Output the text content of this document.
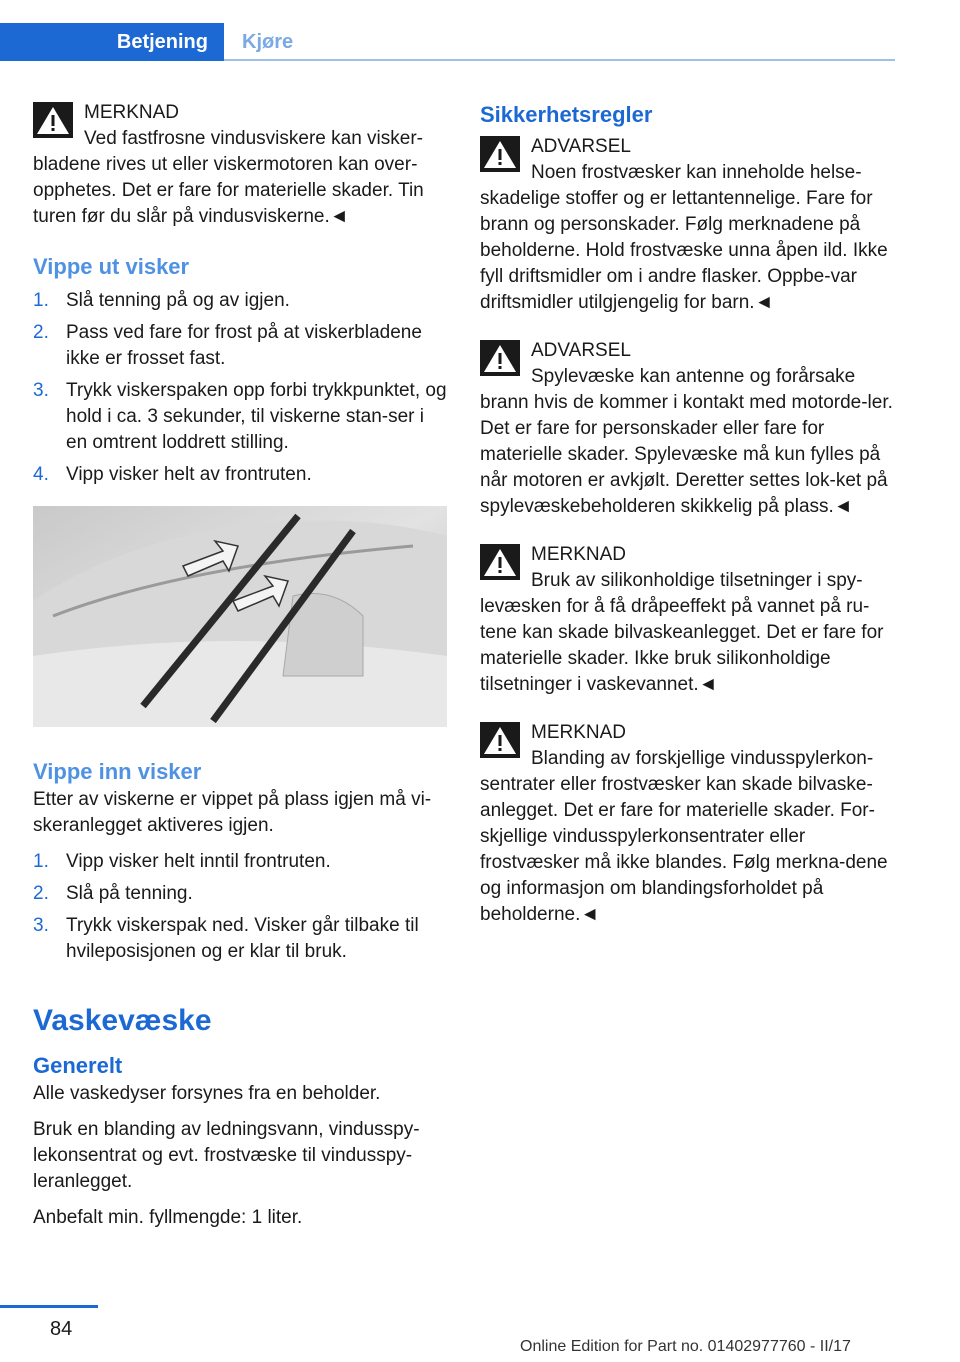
Betjening Kjøre
MERKNAD
Ved fastfrosne vindusviskere kan visker-
bladene rives ut eller viskermotoren kan over-opphetes. Det er fare for materielle skader. Tin turen før du slår på vindusviskerne.◄
Vippe ut visker
1. Slå tenning på og av igjen.
2. Pass ved fare for frost på at viskerbladene ikke er frosset fast.
3. Trykk viskerspaken opp forbi trykkpunktet, og hold i ca. 3 sekunder, til viskerne stan-ser i en omtrent loddrett stilling.
4. Vipp visker helt av frontruten.
Vippe inn visker

Etter av viskerne er vippet på plass igjen må vi-skeranlegget aktiveres igjen.

1. Vipp visker helt inntil frontruten.
2. Slå på tenning.
3. Trykk viskerspak ned. Visker går tilbake til hvileposisjonen og er klar til bruk.
Vaskevæske
Generelt

Alle vaskedyser forsynes fra en beholder.

Bruk en blanding av ledningsvann, vindusspy-lekonsentrat og evt. frostvæske til vindusspy-leranlegget.

Anbefalt min. fyllmengde: 1 liter.

Sikkerhetsregler
ADVARSEL
Noen frostvæsker kan inneholde helse-
skadelige stoffer og er lettantennelige. Fare for brann og personskader. Følg merknadene på beholderne. Hold frostvæske unna åpen ild. Ikke fyll driftsmidler om i andre flasker. Oppbe-var driftsmidler utilgjengelig for barn.◄
ADVARSEL
Spylevæske kan antenne og forårsake
brann hvis de kommer i kontakt med motorde-ler. Det er fare for personskader eller fare for materielle skader. Spylevæske må kun fylles på når motoren er avkjølt. Deretter settes lok-ket på spylevæskebeholderen skikkelig på plass.◄
MERKNAD
Bruk av silikonholdige tilsetninger i spy-
levæsken for å få dråpeeffekt på vannet på ru-tene kan skade bilvaskeanlegget. Det er fare for materielle skader. Ikke bruk silikonholdige tilsetninger i vaskevannet.◄
MERKNAD
Blanding av forskjellige vindusspylerkon-
sentrater eller frostvæsker kan skade bilvaske-anlegget. Det er fare for materielle skader. For-skjellige vindusspylerkonsentrater eller frostvæsker må ikke blandes. Følg merkna-dene og informasjon om blandingsforholdet på beholderne.◄
84
Online Edition for Part no. 01402977760 - II/17
